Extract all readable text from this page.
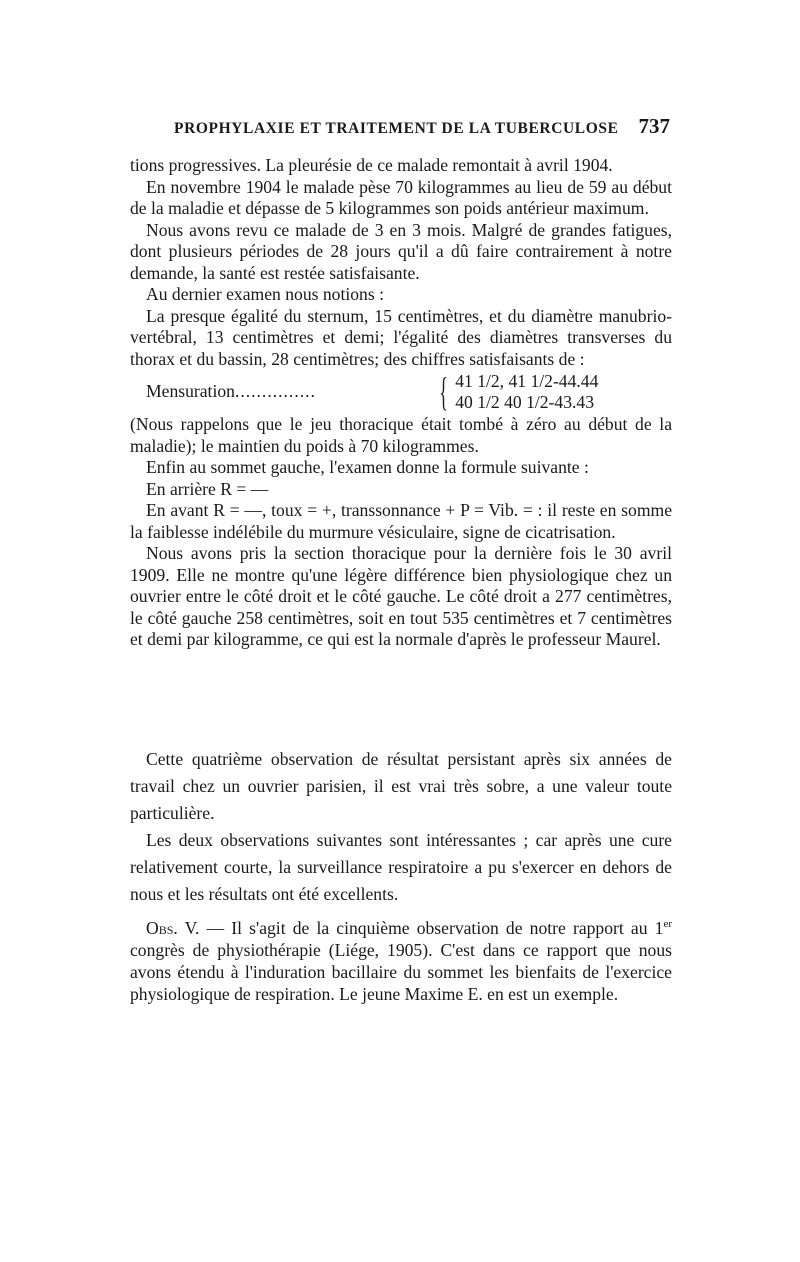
PROPHYLAXIE ET TRAITEMENT DE LA TUBERCULOSE 737

tions progressives. La pleurésie de ce malade remontait à avril 1904.

En novembre 1904 le malade pèse 70 kilogrammes au lieu de 59 au début de la maladie et dépasse de 5 kilogrammes son poids antérieur maximum.

Nous avons revu ce malade de 3 en 3 mois. Malgré de grandes fatigues, dont plusieurs périodes de 28 jours qu'il a dû faire contrairement à notre demande, la santé est restée satisfaisante.

Au dernier examen nous notions :

La presque égalité du sternum, 15 centimètres, et du diamètre manubrio-vertébral, 13 centimètres et demi; l'égalité des diamètres transverses du thorax et du bassin, 28 centimètres; des chiffres satisfaisants de :

Mensuration...............	{ 41 1/2, 41 1/2-44.44
40 1/2 40 1/2-43.43

(Nous rappelons que le jeu thoracique était tombé à zéro au début de la maladie); le maintien du poids à 70 kilogrammes.

Enfin au sommet gauche, l'examen donne la formule suivante :

En arrière R = —

En avant R = —, toux = +, transsonnance + P = Vib. = : il reste en somme la faiblesse indélébile du murmure vésiculaire, signe de cicatrisation.

Nous avons pris la section thoracique pour la dernière fois le 30 avril 1909. Elle ne montre qu'une légère différence bien physiologique chez un ouvrier entre le côté droit et le côté gauche. Le côté droit a 277 centimètres, le côté gauche 258 centimètres, soit en tout 535 centimètres et 7 centimètres et demi par kilogramme, ce qui est la normale d'après le professeur Maurel.

Cette quatrième observation de résultat persistant après six années de travail chez un ouvrier parisien, il est vrai très sobre, a une valeur toute particulière.

Les deux observations suivantes sont intéressantes ; car après une cure relativement courte, la surveillance respiratoire a pu s'exercer en dehors de nous et les résultats ont été excellents.

Obs. V. — Il s'agit de la cinquième observation de notre rapport au 1er congrès de physiothérapie (Liége, 1905). C'est dans ce rapport que nous avons étendu à l'induration bacillaire du sommet les bienfaits de l'exercice physiologique de respiration. Le jeune Maxime E. en est un exemple.
